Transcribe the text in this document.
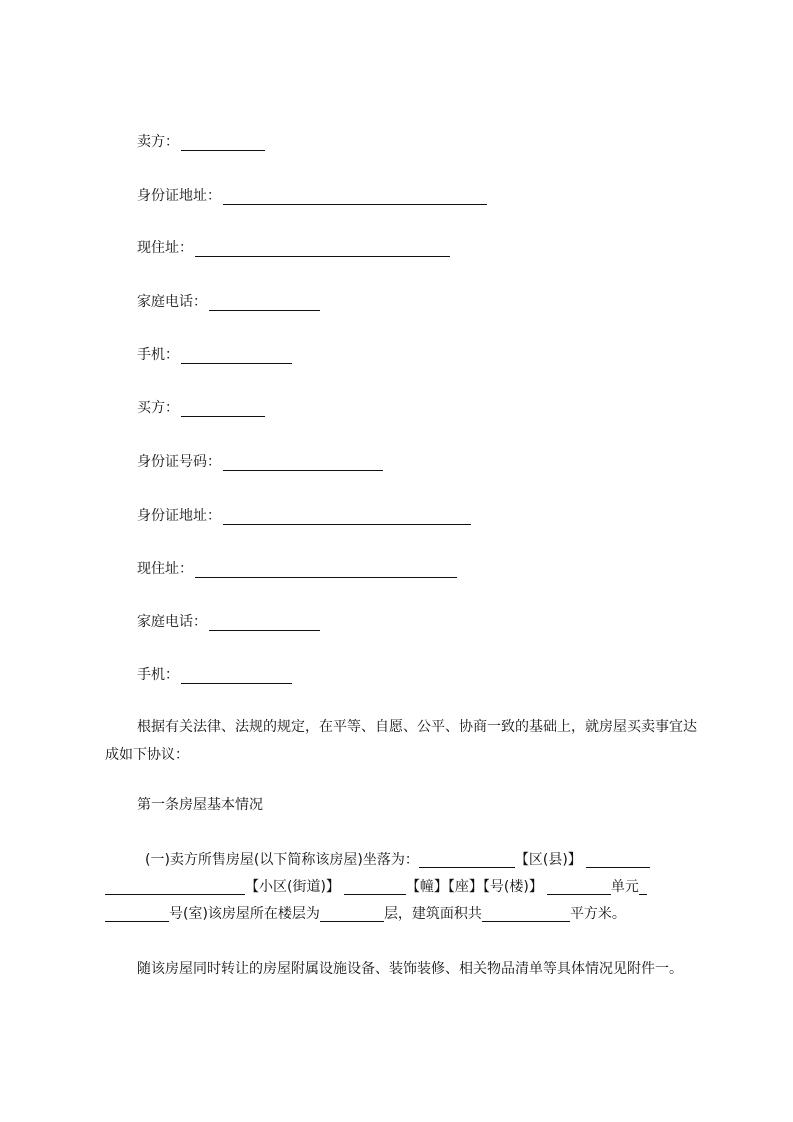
卖方：
身份证地址：
现住址：
家庭电话：
手机：
买方：
身份证号码：
身份证地址：
现住址：
家庭电话：
手机：
根据有关法律、法规的规定，在平等、自愿、公平、协商一致的基础上，就房屋买卖事宜达成如下协议：
第一条房屋基本情况
(一)卖方所售房屋(以下简称该房屋)坐落为：	【区(县)】
【小区(街道)】	【幢】【座】【号(楼)】	单元
号(室)该房屋所在楼层为	层，建筑面积共	平方米。
随该房屋同时转让的房屋附属设施设备、装饰装修、相关物品清单等具体情况见附件一。
